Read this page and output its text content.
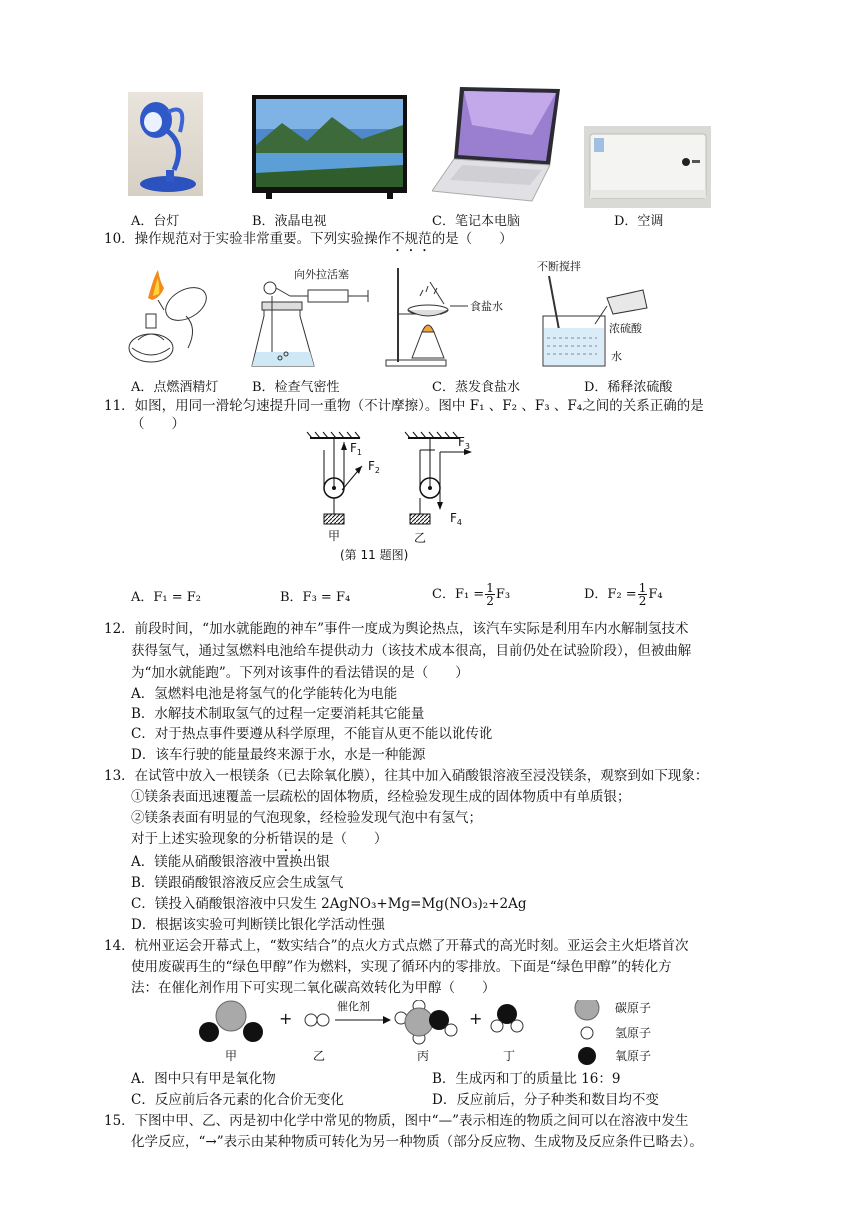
A．台灯	B．液晶电视	C．笔记本电脑	D．空调
10．操作规范对于实验非常重要。下列实验操作不规范的是（　　）
向外拉活塞
食盐水
不断搅拌
浓硫酸
水
A．点燃酒精灯	B．检查气密性	C．蒸发食盐水	D．稀释浓硫酸
11．如图，用同一滑轮匀速提升同一重物（不计摩擦）。图中 F₁ 、F₂ 、F₃ 、F₄之间的关系正确的是
（　　）
$F_1$
$F_2$
甲
$F_3$
$F_4$
乙
(第 11 题图)
A．F₁ = F₂	B．F₃ = F₄	C．$F_1 = \frac{1}{2} F_3$	D．$F_2 = \frac{1}{2} F_4$
12．前段时间，“加水就能跑的神车”事件一度成为舆论热点，该汽车实际是利用车内水解制氢技术
获得氢气，通过氢燃料电池给车提供动力（该技术成本很高，目前仍处在试验阶段），但被曲解
为“加水就能跑”。下列对该事件的看法错误的是（　　）
A．氢燃料电池是将氢气的化学能转化为电能
B．水解技术制取氢气的过程一定要消耗其它能量
C．对于热点事件要遵从科学原理，不能盲从更不能以讹传讹
D．该车行驶的能量最终来源于水，水是一种能源
13．在试管中放入一根镁条（已去除氧化膜），往其中加入硝酸银溶液至浸没镁条，观察到如下现象：
①镁条表面迅速覆盖一层疏松的固体物质，经检验发现生成的固体物质中有单质银；
②镁条表面有明显的气泡现象，经检验发现气泡中有氢气；
对于上述实验现象的分析错误的是（　　）
A．镁能从硝酸银溶液中置换出银
B．镁跟硝酸银溶液反应会生成氢气
C．镁投入硝酸银溶液中只发生 2AgNO₃+Mg=Mg(NO₃)₂+2Ag
D．根据该实验可判断镁比银化学活动性强
14．杭州亚运会开幕式上，“数实结合”的点火方式点燃了开幕式的高光时刻。亚运会主火炬塔首次
使用废碳再生的“绿色甲醇”作为燃料，实现了循环内的零排放。下面是“绿色甲醇”的转化方
法：在催化剂作用下可实现二氧化碳高效转化为甲醇（　　）
+
催化剂
+
甲	乙	丙	丁
碳原子
氢原子
氧原子
A．图中只有甲是氧化物	B．生成丙和丁的质量比 16：9
C．反应前后各元素的化合价无变化	D．反应前后，分子种类和数目均不变
15．下图中甲、乙、丙是初中化学中常见的物质，图中“—”表示相连的物质之间可以在溶液中发生
化学反应，“→”表示由某种物质可转化为另一种物质（部分反应物、生成物及反应条件已略去）。
